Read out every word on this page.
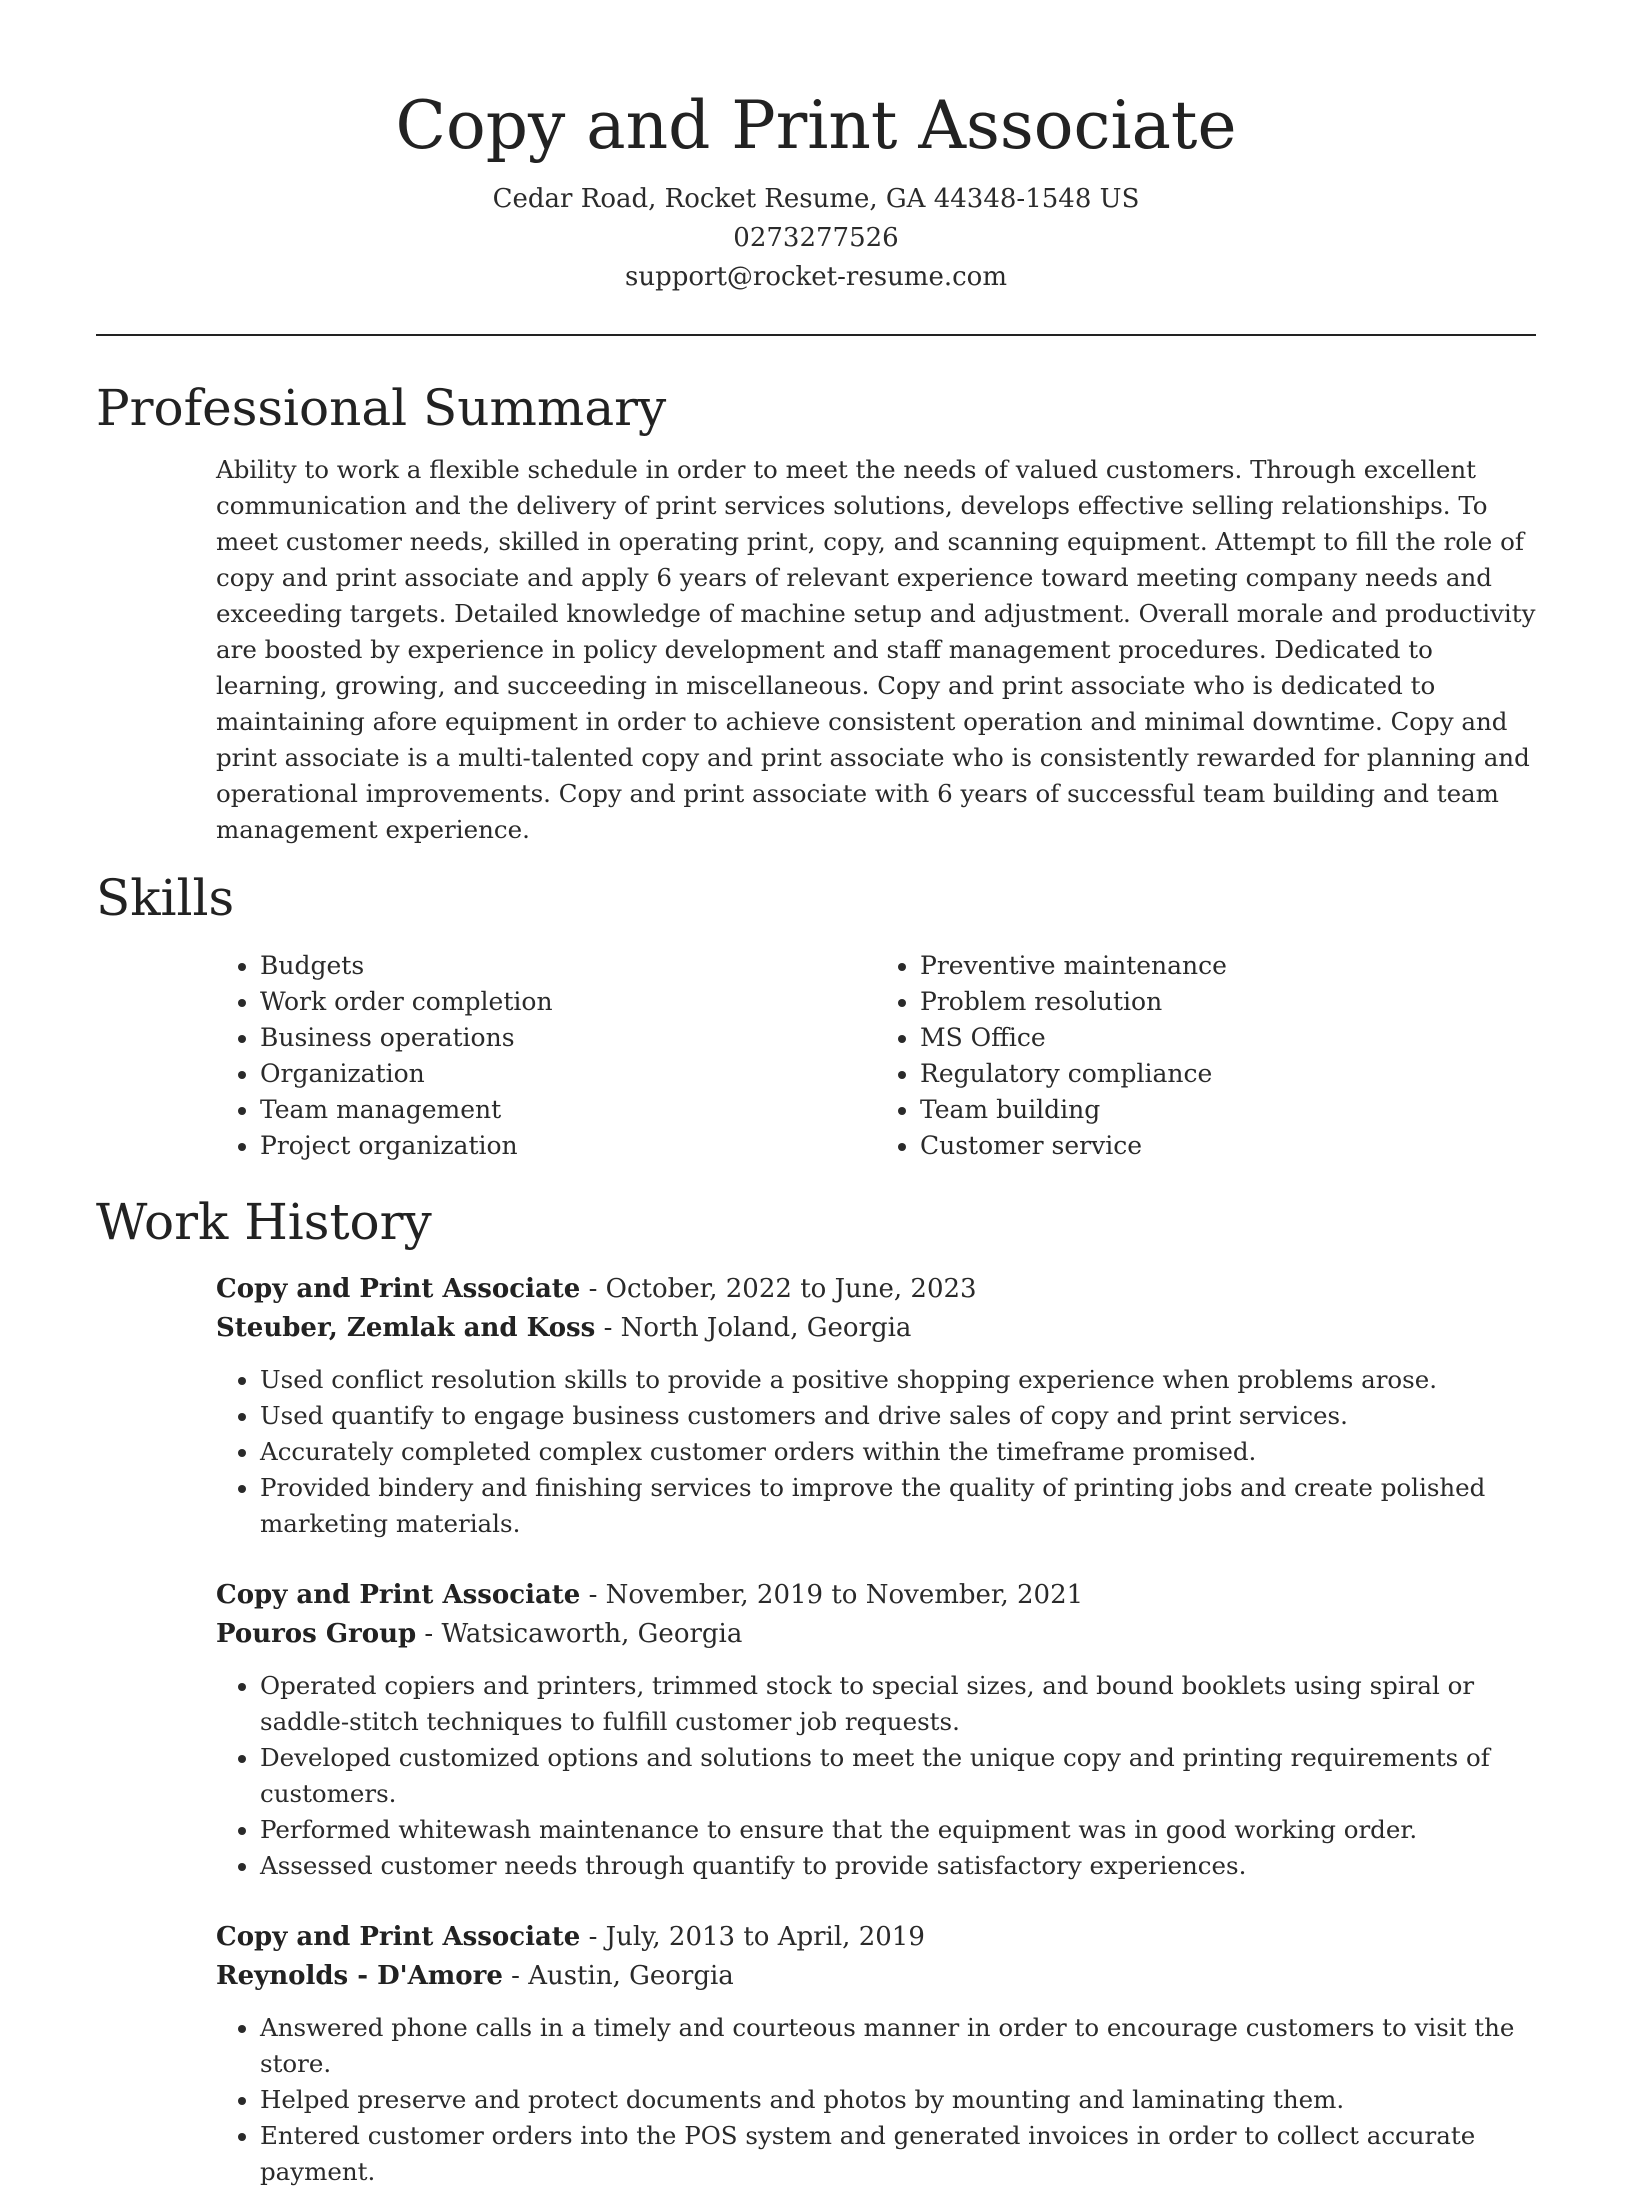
Copy and Print Associate

Cedar Road, Rocket Resume, GA 44348-1548 US

0273277526

support@rocket-resume.com

Professional Summary

Ability to work a flexible schedule in order to meet the needs of valued customers. Through excellent communication and the delivery of print services solutions, develops effective selling relationships. To meet customer needs, skilled in operating print, copy, and scanning equipment. Attempt to fill the role of copy and print associate and apply 6 years of relevant experience toward meeting company needs and exceeding targets. Detailed knowledge of machine setup and adjustment. Overall morale and productivity are boosted by experience in policy development and staff management procedures. Dedicated to learning, growing, and succeeding in miscellaneous. Copy and print associate who is dedicated to maintaining afore equipment in order to achieve consistent operation and minimal downtime. Copy and print associate is a multi-talented copy and print associate who is consistently rewarded for planning and operational improvements. Copy and print associate with 6 years of successful team building and team management experience.

Skills
• Budgets
• Work order completion
• Business operations
• Organization
• Team management
• Project organization
• Preventive maintenance
• Problem resolution
• MS Office
• Regulatory compliance
• Team building
• Customer service
Work History

Copy and Print Associate - October, 2022 to June, 2023

Steuber, Zemlak and Koss - North Joland, Georgia

• Used conflict resolution skills to provide a positive shopping experience when problems arose.
• Used quantify to engage business customers and drive sales of copy and print services.
• Accurately completed complex customer orders within the timeframe promised.
• Provided bindery and finishing services to improve the quality of printing jobs and create polished marketing materials.

Copy and Print Associate - November, 2019 to November, 2021

Pouros Group - Watsicaworth, Georgia

• Operated copiers and printers, trimmed stock to special sizes, and bound booklets using spiral or saddle-stitch techniques to fulfill customer job requests.
• Developed customized options and solutions to meet the unique copy and printing requirements of customers.
• Performed whitewash maintenance to ensure that the equipment was in good working order.
• Assessed customer needs through quantify to provide satisfactory experiences.

Copy and Print Associate - July, 2013 to April, 2019

Reynolds - D'Amore - Austin, Georgia

• Answered phone calls in a timely and courteous manner in order to encourage customers to visit the store.
• Helped preserve and protect documents and photos by mounting and laminating them.
• Entered customer orders into the POS system and generated invoices in order to collect accurate payment.
